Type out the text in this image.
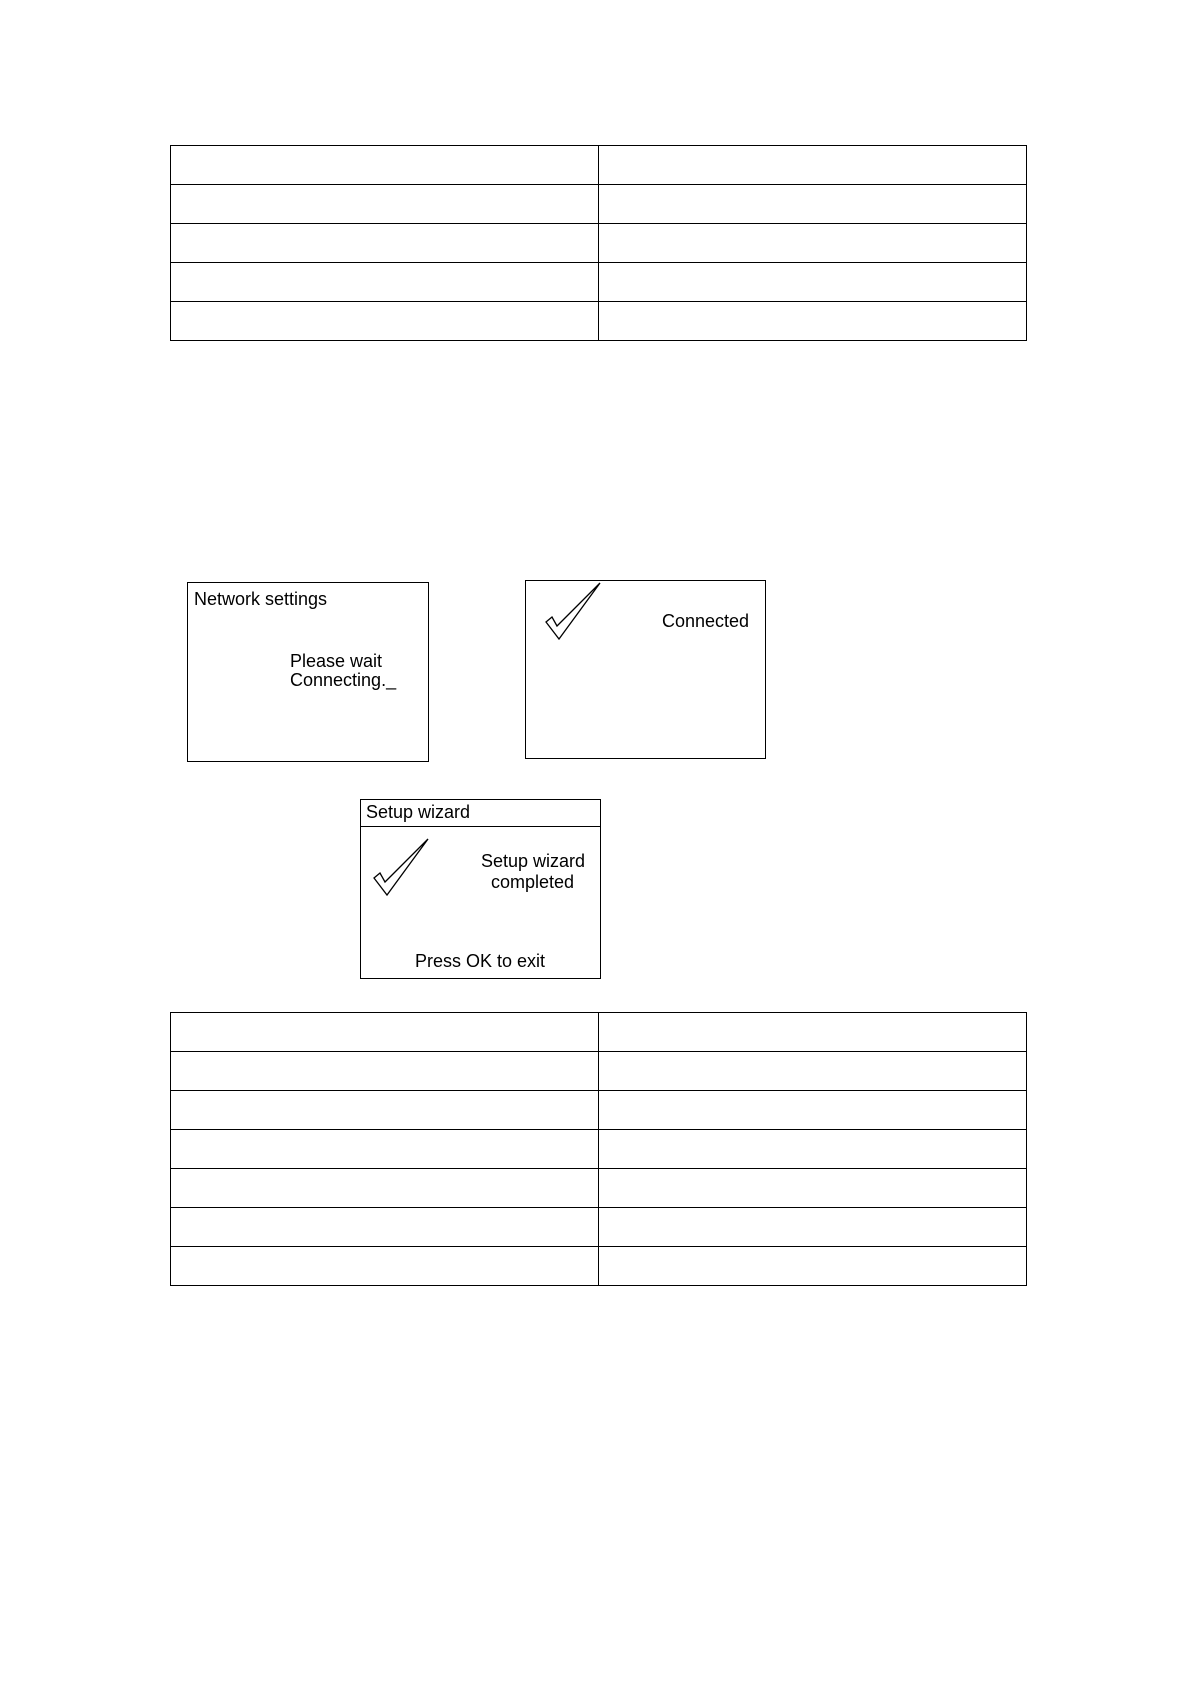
Network settings
Please wait
Connecting._
Connected
Setup wizard
Setup wizard
completed
Press OK to exit
